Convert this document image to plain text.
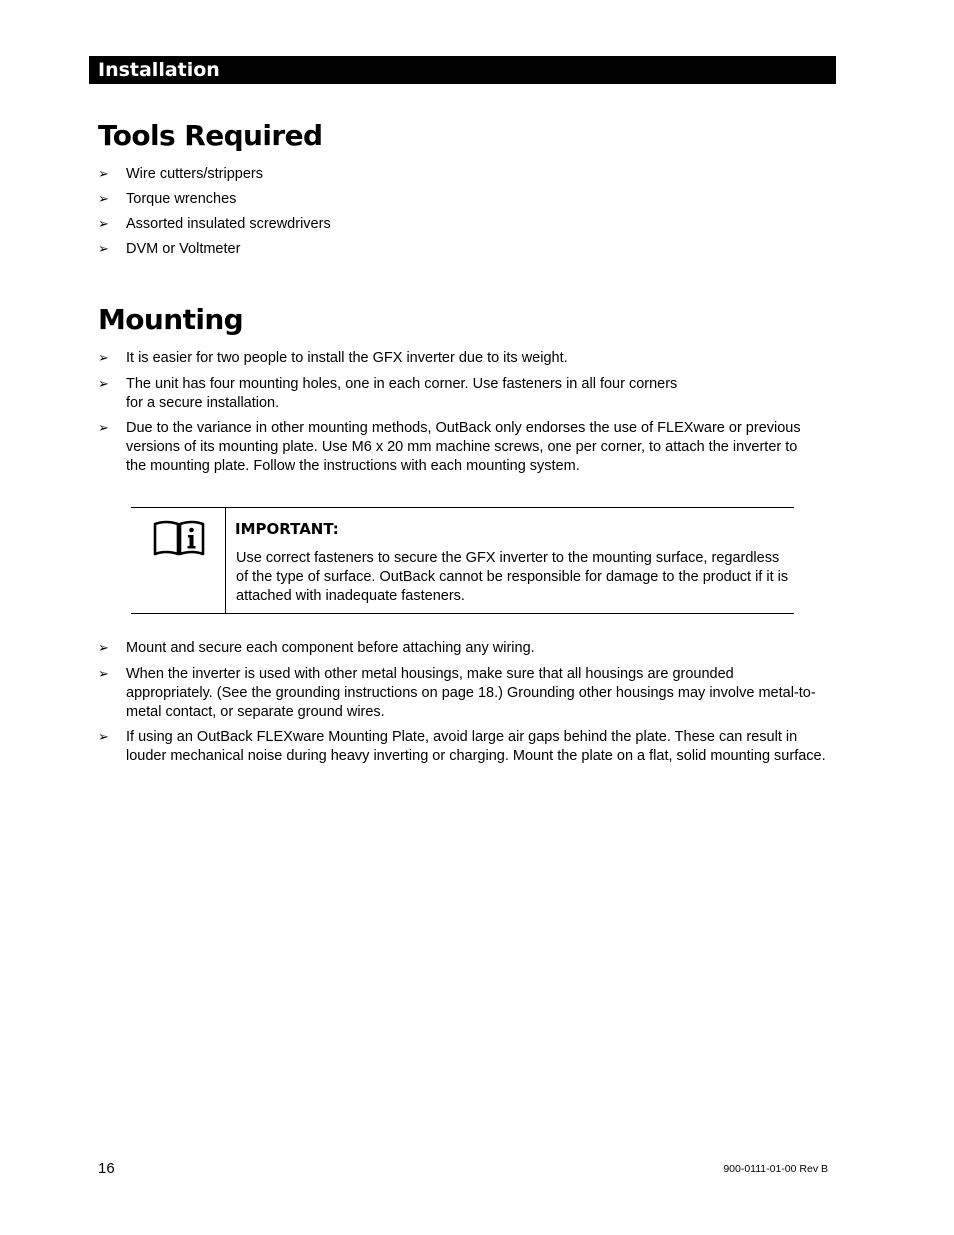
Installation
Tools Required
➢ Wire cutters/strippers
➢ Torque wrenches
➢ Assorted insulated screwdrivers
➢ DVM or Voltmeter
Mounting
➢ It is easier for two people to install the GFX inverter due to its weight.
➢ The unit has four mounting holes, one in each corner. Use fasteners in all four corners for a secure installation.
➢ Due to the variance in other mounting methods, OutBack only endorses the use of FLEXware or previous versions of its mounting plate. Use M6 x 20 mm machine screws, one per corner, to attach the inverter to the mounting plate. Follow the instructions with each mounting system.
IMPORTANT:
Use correct fasteners to secure the GFX inverter to the mounting surface, regardless of the type of surface. OutBack cannot be responsible for damage to the product if it is attached with inadequate fasteners.
➢ Mount and secure each component before attaching any wiring.
➢ When the inverter is used with other metal housings, make sure that all housings are grounded appropriately. (See the grounding instructions on page 18.) Grounding other housings may involve metal-to-metal contact, or separate ground wires.
➢ If using an OutBack FLEXware Mounting Plate, avoid large air gaps behind the plate. These can result in louder mechanical noise during heavy inverting or charging. Mount the plate on a flat, solid mounting surface.
16	900-0111-01-00 Rev B
